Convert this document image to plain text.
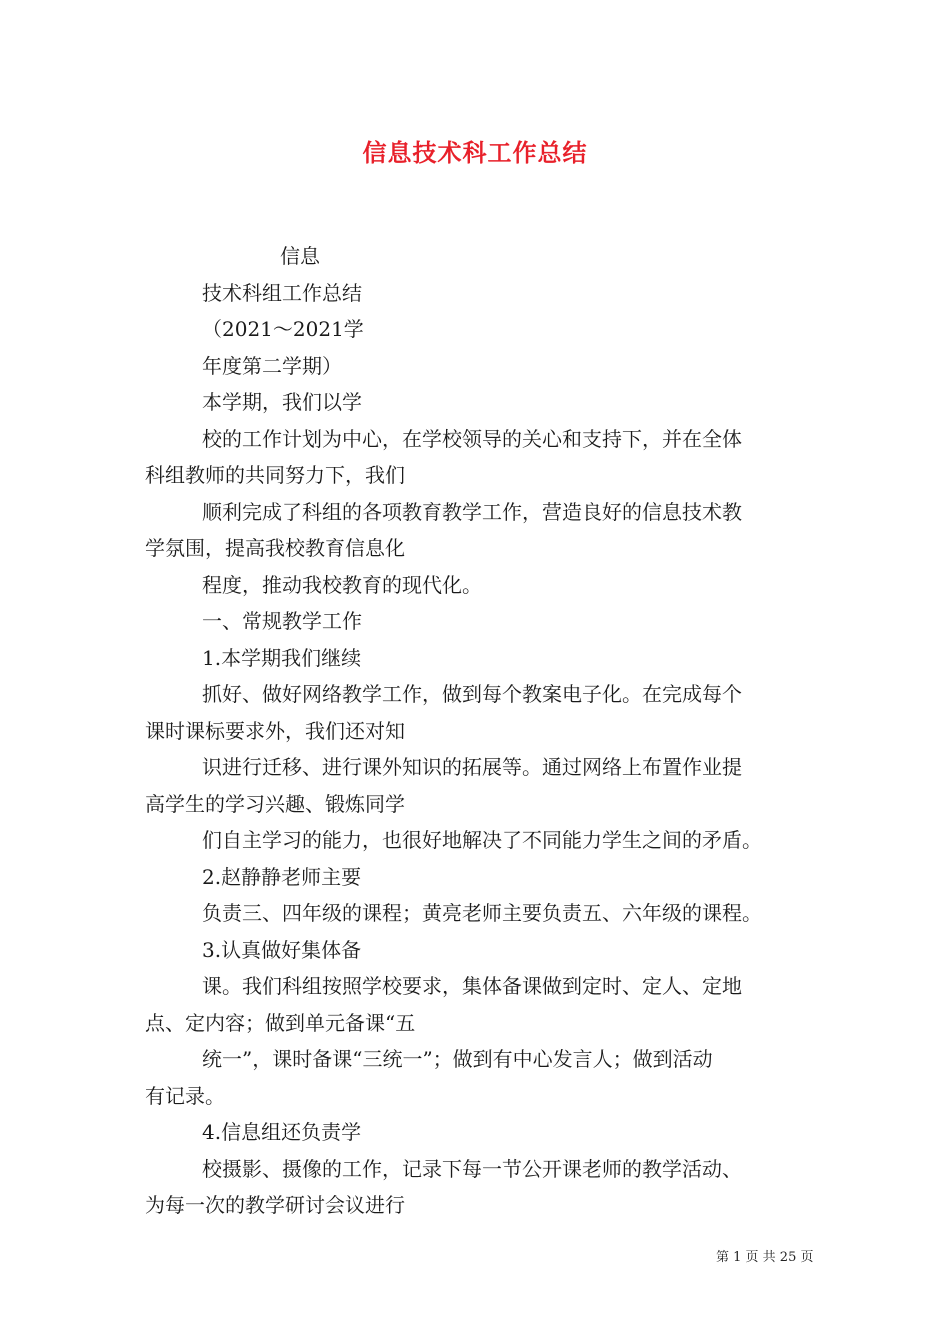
信息技术科工作总结

信息

技术科组工作总结

（2021～2021学

年度第二学期）

本学期，我们以学

校的工作计划为中心，在学校领导的关心和支持下，并在全体

科组教师的共同努力下，我们

顺利完成了科组的各项教育教学工作，营造良好的信息技术教

学氛围，提高我校教育信息化

程度，推动我校教育的现代化。

一、常规教学工作

1.本学期我们继续

抓好、做好网络教学工作，做到每个教案电子化。在完成每个

课时课标要求外，我们还对知

识进行迁移、进行课外知识的拓展等。通过网络上布置作业提

高学生的学习兴趣、锻炼同学

们自主学习的能力，也很好地解决了不同能力学生之间的矛盾。

2.赵静静老师主要

负责三、四年级的课程；黄亮老师主要负责五、六年级的课程。

3.认真做好集体备

课。我们科组按照学校要求，集体备课做到定时、定人、定地

点、定内容；做到单元备课“五

统一”，课时备课“三统一”；做到有中心发言人；做到活动

有记录。

4.信息组还负责学

校摄影、摄像的工作，记录下每一节公开课老师的教学活动、

为每一次的教学研讨会议进行

第 1 页 共 25 页
